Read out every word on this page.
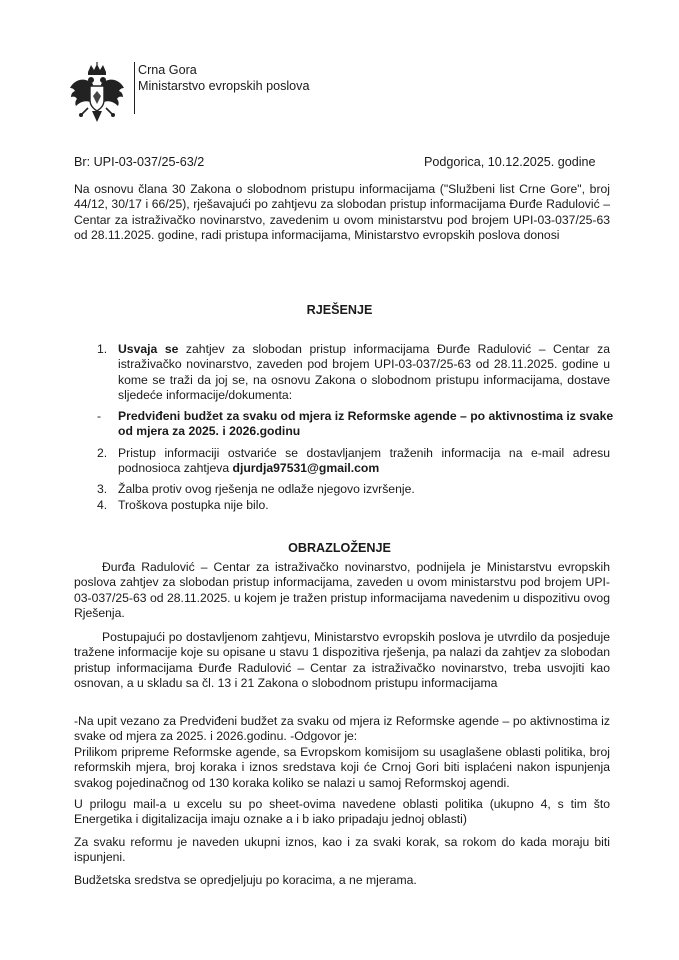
Crna Gora
Ministarstvo evropskih poslova
Br: UPI-03-037/25-63/2	Podgorica, 10.12.2025. godine
Na osnovu člana 30 Zakona o slobodnom pristupu informacijama ("Službeni list Crne Gore", broj 44/12, 30/17 i 66/25), rješavajući po zahtjevu za slobodan pristup informacijama Đurđe Radulović – Centar za istraživačko novinarstvo, zavedenim u ovom ministarstvu pod brojem UPI-03-037/25-63 od 28.11.2025. godine, radi pristupa informacijama, Ministarstvo evropskih poslova donosi
RJEŠENJE
1. Usvaja se zahtjev za slobodan pristup informacijama Đurđe Radulović – Centar za istraživačko novinarstvo, zaveden pod brojem UPI-03-037/25-63 od 28.11.2025. godine u kome se traži da joj se, na osnovu Zakona o slobodnom pristupu informacijama, dostave sljedeće informacije/dokumenta:
- Predviđeni budžet za svaku od mjera iz Reformske agende – po aktivnostima iz svake od mjera za 2025. i 2026.godinu
2. Pristup informaciji ostvariće se dostavljanjem traženih informacija na e-mail adresu podnosioca zahtjeva djurdja97531@gmail.com
3. Žalba protiv ovog rješenja ne odlaže njegovo izvršenje.
4. Troškova postupka nije bilo.
OBRAZLOŽENJE
Đurđa Radulović – Centar za istraživačko novinarstvo, podnijela je Ministarstvu evropskih poslova zahtjev za slobodan pristup informacijama, zaveden u ovom ministarstvu pod brojem UPI-03-037/25-63 od 28.11.2025. u kojem je tražen pristup informacijama navedenim u dispozitivu ovog Rješenja.
Postupajući po dostavljenom zahtjevu, Ministarstvo evropskih poslova je utvrdilo da posjeduje tražene informacije koje su opisane u stavu 1 dispozitiva rješenja, pa nalazi da zahtjev za slobodan pristup informacijama Đurđe Radulović – Centar za istraživačko novinarstvo, treba usvojiti kao osnovan, a u skladu sa čl. 13 i 21 Zakona o slobodnom pristupu informacijama
-Na upit vezano za Predviđeni budžet za svaku od mjera iz Reformske agende – po aktivnostima iz svake od mjera za 2025. i 2026.godinu. -Odgovor je:
Prilikom pripreme Reformske agende, sa Evropskom komisijom su usaglašene oblasti politika, broj reformskih mjera, broj koraka i iznos sredstava koji će Crnoj Gori biti isplaćeni nakon ispunjenja svakog pojedinačnog od 130 koraka koliko se nalazi u samoj Reformskoj agendi.
U prilogu mail-a u excelu su po sheet-ovima navedene oblasti politika (ukupno 4, s tim što Energetika i digitalizacija imaju oznake a i b iako pripadaju jednoj oblasti)
Za svaku reformu je naveden ukupni iznos, kao i za svaki korak, sa rokom do kada moraju biti ispunjeni.
Budžetska sredstva se opredjeljuju po koracima, a ne mjerama.
